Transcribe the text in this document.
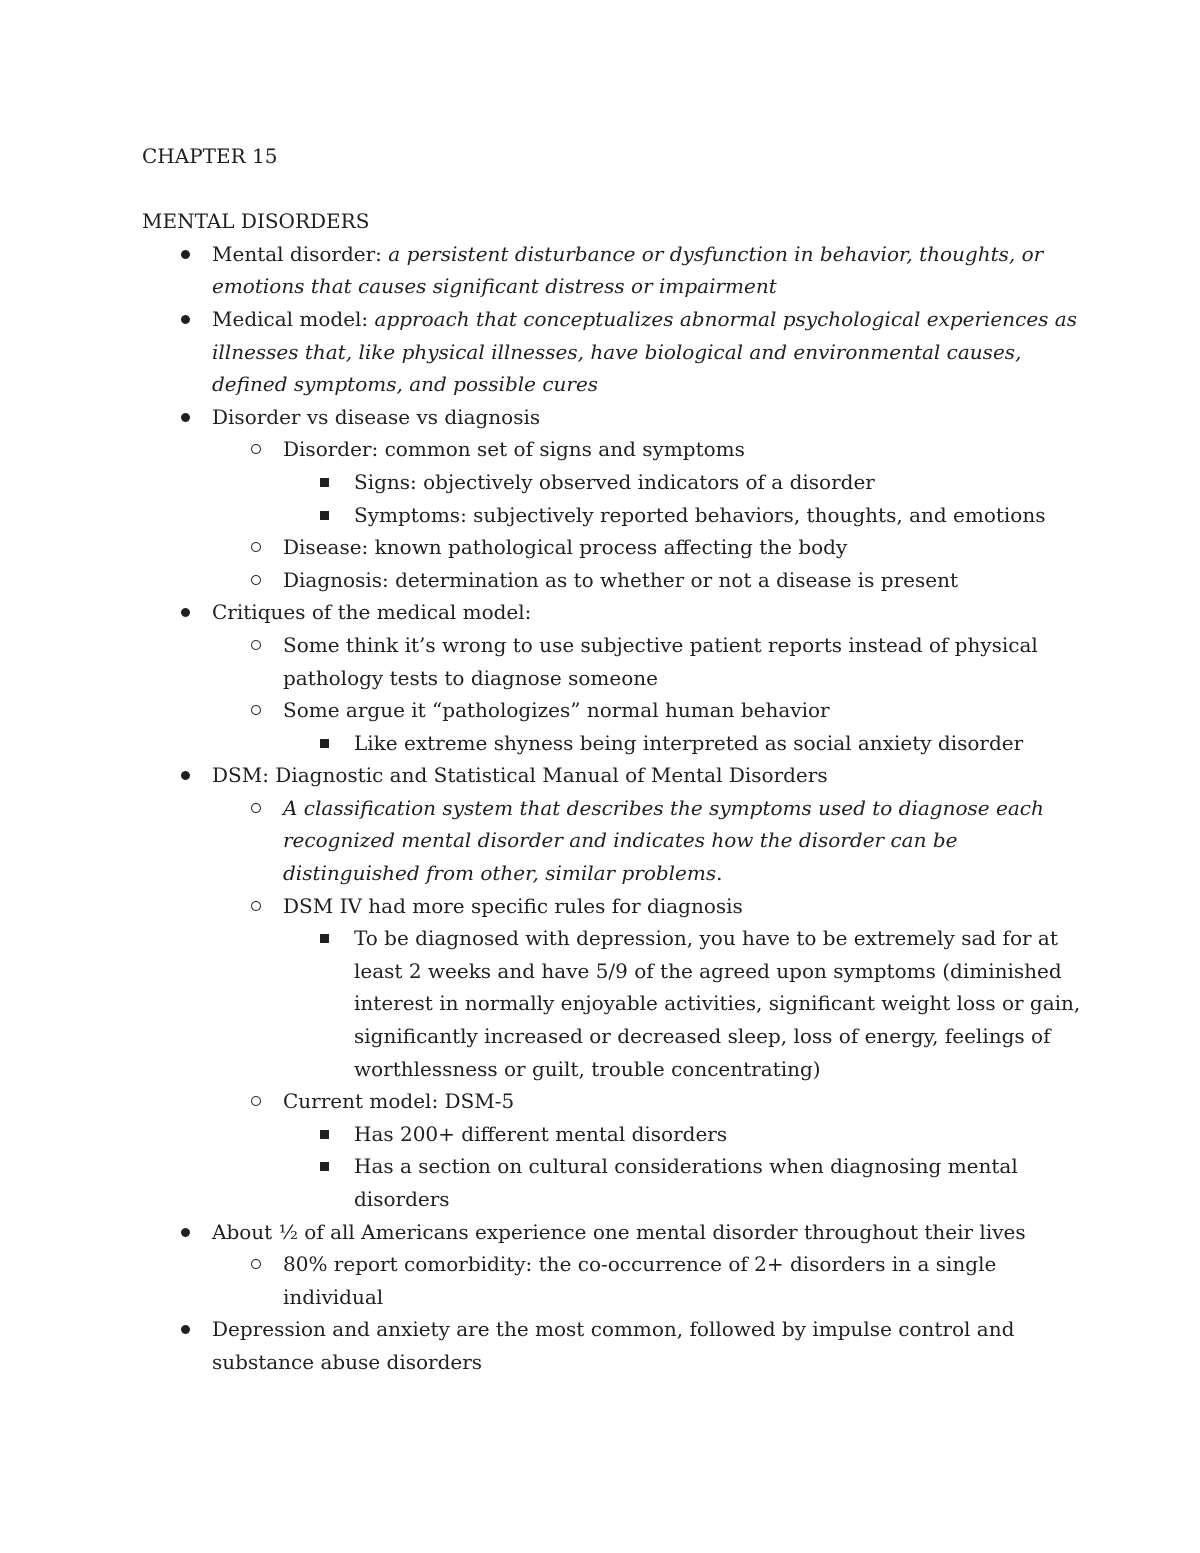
CHAPTER 15

MENTAL DISORDERS

Mental disorder: a persistent disturbance or dysfunction in behavior, thoughts, or emotions that causes significant distress or impairment
Medical model: approach that conceptualizes abnormal psychological experiences as illnesses that, like physical illnesses, have biological and environmental causes, defined symptoms, and possible cures
Disorder vs disease vs diagnosis
Disorder: common set of signs and symptoms
Signs: objectively observed indicators of a disorder
Symptoms: subjectively reported behaviors, thoughts, and emotions
Disease: known pathological process affecting the body
Diagnosis: determination as to whether or not a disease is present
Critiques of the medical model:
Some think it’s wrong to use subjective patient reports instead of physical pathology tests to diagnose someone
Some argue it “pathologizes” normal human behavior
Like extreme shyness being interpreted as social anxiety disorder
DSM: Diagnostic and Statistical Manual of Mental Disorders
A classification system that describes the symptoms used to diagnose each recognized mental disorder and indicates how the disorder can be distinguished from other, similar problems.
DSM IV had more specific rules for diagnosis
To be diagnosed with depression, you have to be extremely sad for at least 2 weeks and have 5/9 of the agreed upon symptoms (diminished interest in normally enjoyable activities, significant weight loss or gain, significantly increased or decreased sleep, loss of energy, feelings of worthlessness or guilt, trouble concentrating)
Current model: DSM-5
Has 200+ different mental disorders
Has a section on cultural considerations when diagnosing mental disorders
About ½ of all Americans experience one mental disorder throughout their lives
80% report comorbidity: the co-occurrence of 2+ disorders in a single individual
Depression and anxiety are the most common, followed by impulse control and substance abuse disorders
